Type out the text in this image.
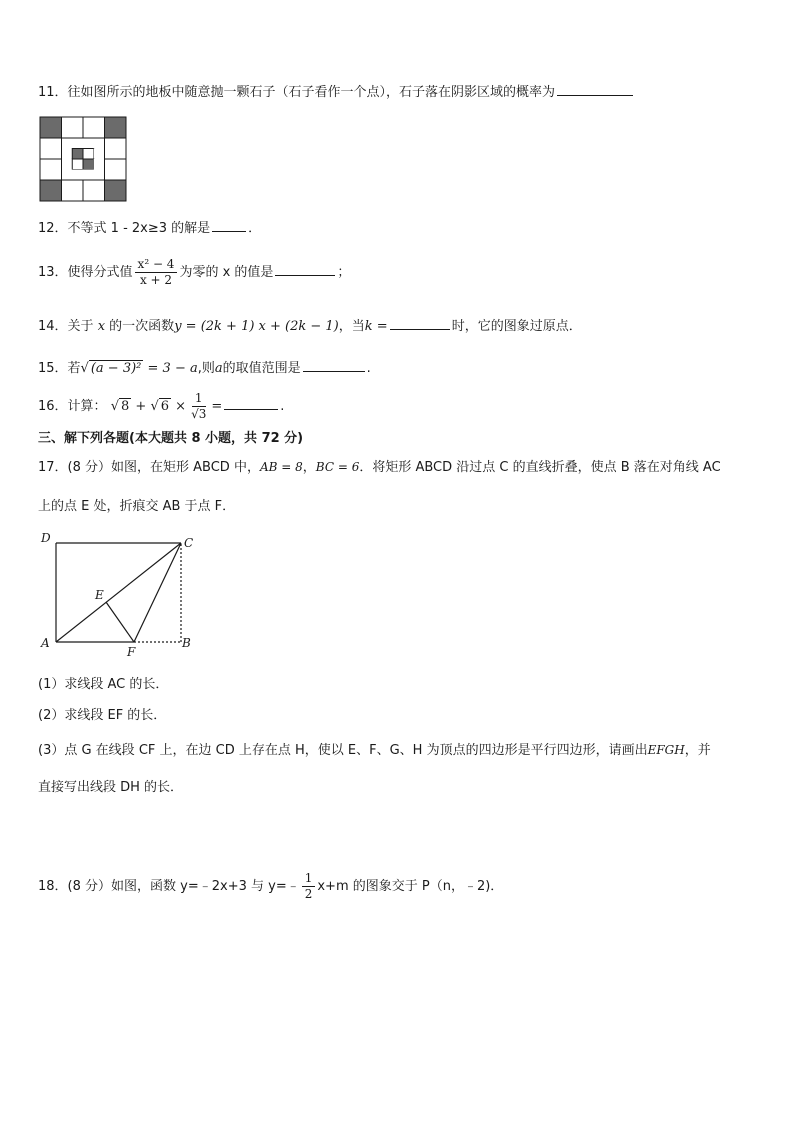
11．往如图所示的地板中随意抛一颗石子（石子看作一个点），石子落在阴影区域的概率为
12．不等式 1 - 2x≥3 的解是	．
13．使得分式值 $\frac{\text{x² − 4}}{x + 2}$ 为零的 x 的值是	；
14．关于 x 的一次函数y = (2k + 1) x + (2k − 1)，当k =	时，它的图象过原点．
15．若√ (a − 3)² = 3 − a,则a的取值范围是	.
16．计算： √ 8 + √ $6 \times \frac{1}{√3}$ =	.
三、解下列各题(本大题共 8 小题，共 72 分)
17．(8 分）如图，在矩形 ABCD 中，AB = 8，BC = 6．将矩形 ABCD 沿过点 C 的直线折叠，使点 B 落在对角线 AC
上的点 E 处，折痕交 AB 于点 F．
D	C
E
A
F
B
(1）求线段 AC 的长．
(2）求线段 EF 的长．
(3）点 G 在线段 CF 上，在边 CD 上存在点 H，使以 E、F、G、H 为顶点的四边形是平行四边形，请画出EFGH，并
直接写出线段 DH 的长．
18．(8 分）如图，函数 y=﹣2x+3 与 y=﹣ $\frac{1}{2} x+m$ 的图象交于 P（n，﹣2)．
